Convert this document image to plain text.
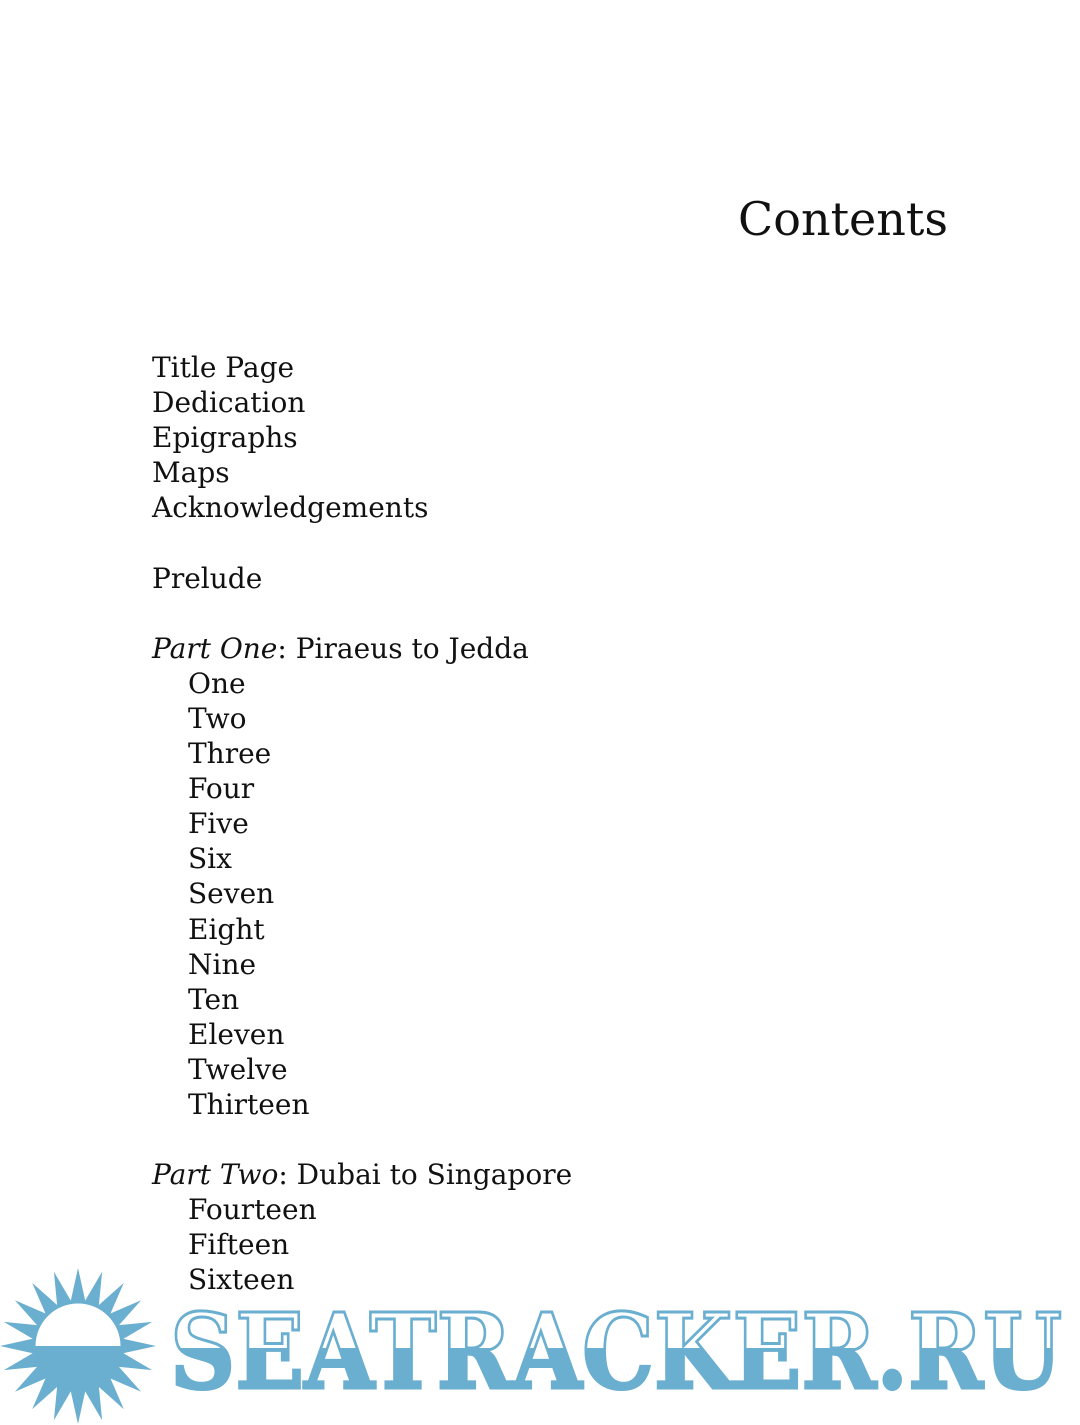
Contents
Title Page
Dedication
Epigraphs
Maps
Acknowledgements
Prelude
Part One: Piraeus to Jedda
One
Two
Three
Four
Five
Six
Seven
Eight
Nine
Ten
Eleven
Twelve
Thirteen
Part Two: Dubai to Singapore
Fourteen
Fifteen
Sixteen
SEATRACKER.RU
